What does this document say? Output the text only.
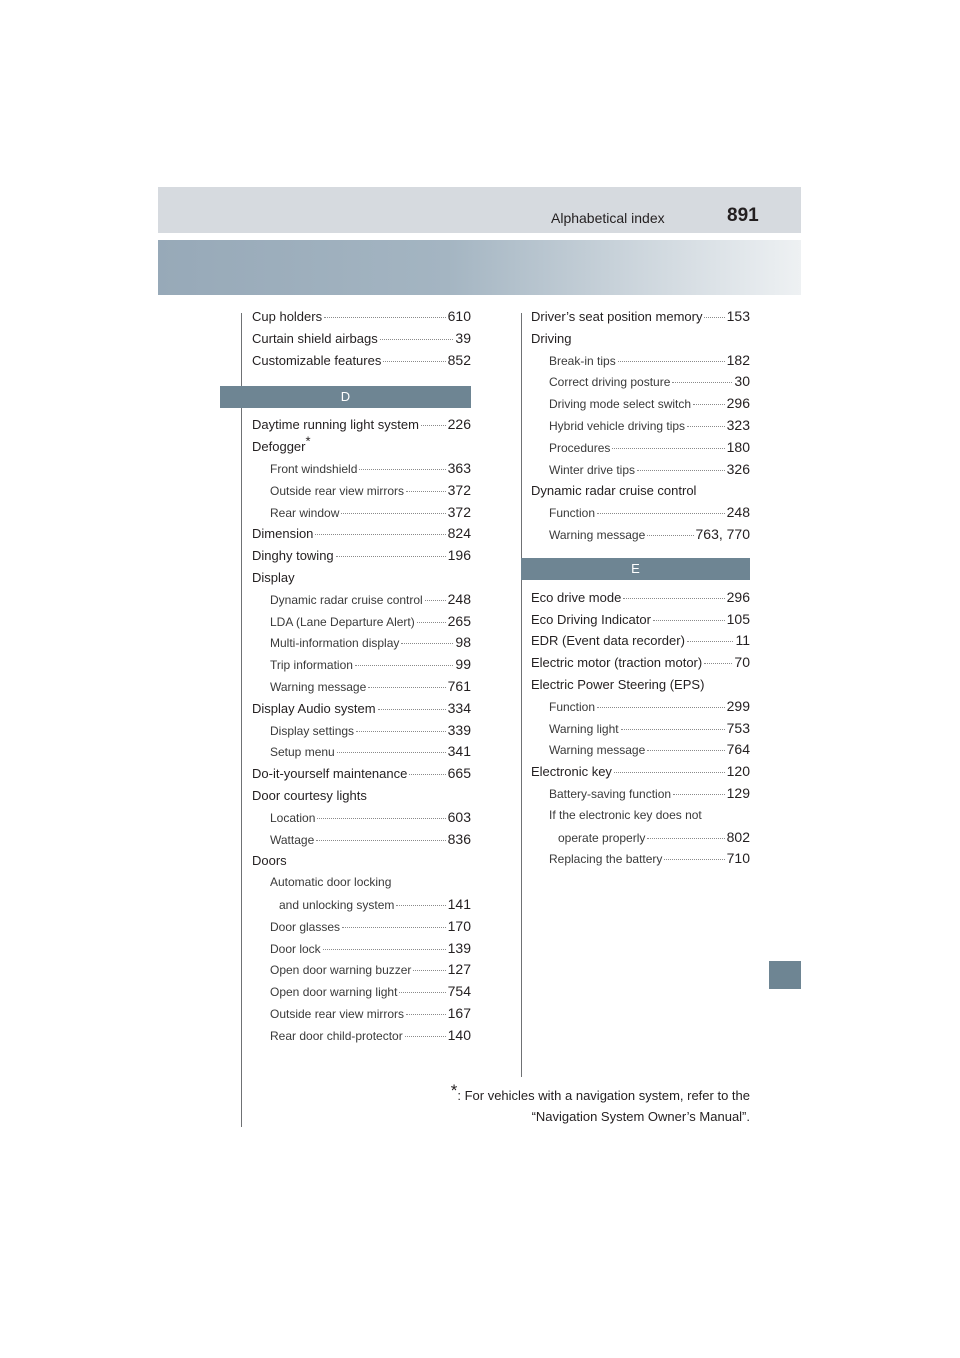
Alphabetical index	891
Cup holders	610
Curtain shield airbags	39
Customizable features	852
D
Daytime running light system 226
Defogger*
Front windshield	363
Outside rear view mirrors	372
Rear window	372
Dimension	824
Dinghy towing	196
Display
Dynamic radar cruise control 248
LDA (Lane Departure Alert) 265
Multi-information display	98
Trip information	99
Warning message	761
Display Audio system	334
Display settings	339
Setup menu	341
Do-it-yourself maintenance	665
Door courtesy lights
Location	603
Wattage	836
Doors
Automatic door locking
and unlocking system	141
Door glasses	170
Door lock	139
Open door warning buzzer	127
Open door warning light	754
Outside rear view mirrors	167
Rear door child-protector	140
Driver’s seat position memory 153
Driving
Break-in tips	182
Correct driving posture	30
Driving mode select switch	296
Hybrid vehicle driving tips	323
Procedures	180
Winter drive tips	326
Dynamic radar cruise control
Function	248
Warning message	763, 770
E
Eco drive mode	296
Eco Driving Indicator	105
EDR (Event data recorder)	11
Electric motor (traction motor) 70
Electric Power Steering (EPS)
Function	299
Warning light	753
Warning message	764
Electronic key	120
Battery-saving function	129
If the electronic key does not
operate properly	802
Replacing the battery	710
*: For vehicles with a navigation system, refer to the
“Navigation System Owner’s Manual”.
